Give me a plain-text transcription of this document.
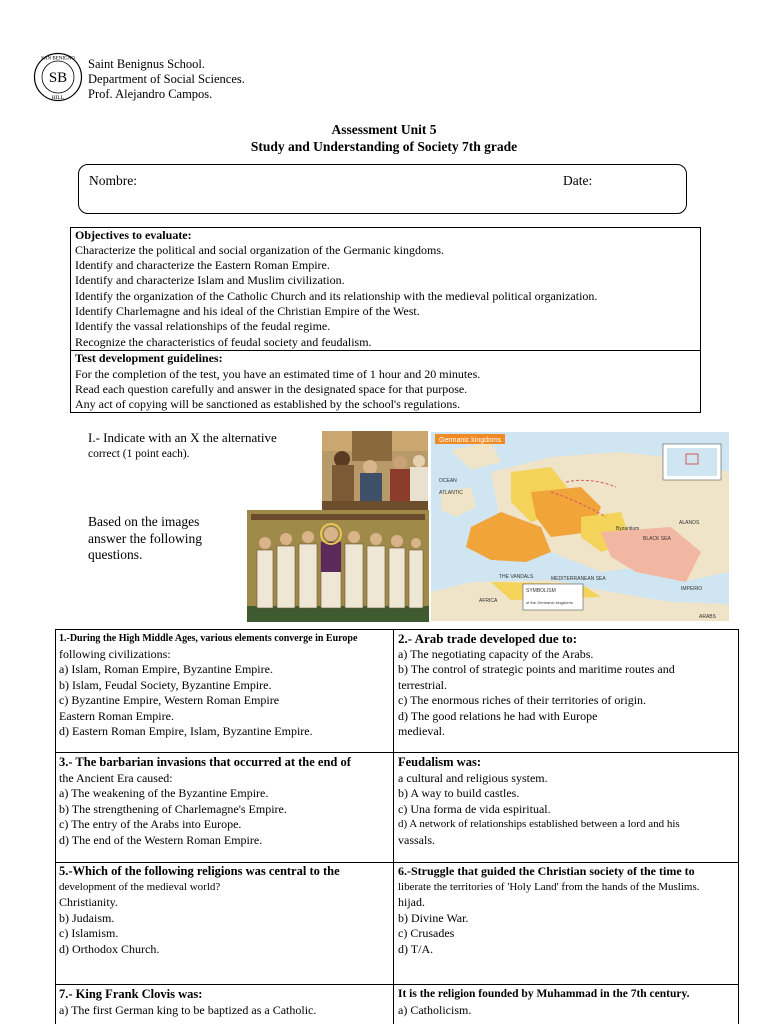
SAN BENIGNO
HILL
SB
Saint Benignus School.
Department of Social Sciences.
Prof. Alejandro Campos.
Assessment Unit 5
Study and Understanding of Society 7th grade
Nombre:	Date:
Objectives to evaluate:
Characterize the political and social organization of the Germanic kingdoms.
Identify and characterize the Eastern Roman Empire.
Identify and characterize Islam and Muslim civilization.
Identify the organization of the Catholic Church and its relationship with the medieval political organization.
Identify Charlemagne and his ideal of the Christian Empire of the West.
Identify the vassal relationships of the feudal regime.
Recognize the characteristics of feudal society and feudalism.
Test development guidelines:
For the completion of the test, you have an estimated time of 1 hour and 20 minutes.
Read each question carefully and answer in the designated space for that purpose.
Any act of copying will be sanctioned as established by the school's regulations.
I.- Indicate with an X the alternative
correct (1 point each).
Based on the images answer the following questions.
Germanic kingdoms
OCEAN
ATLANTIC
BLACK SEA
MEDITERRANEAN SEA
AFRICA
ARABS
THE VANDALS
SYMBOLISM
of the Germanic kingdoms
IMPERIO
ALANOS
Byzantium
1.-During the High Middle Ages, various elements converge in Europe
following civilizations:
a) Islam, Roman Empire, Byzantine Empire.
b) Islam, Feudal Society, Byzantine Empire.
c) Byzantine Empire, Western Roman Empire
Eastern Roman Empire.
d) Eastern Roman Empire, Islam, Byzantine Empire.
2.- Arab trade developed due to:
a) The negotiating capacity of the Arabs.
b) The control of strategic points and maritime routes and
terrestrial.
c) The enormous riches of their territories of origin.
d) The good relations he had with Europe
medieval.
3.- The barbarian invasions that occurred at the end of
the Ancient Era caused:
a) The weakening of the Byzantine Empire.
b) The strengthening of Charlemagne's Empire.
c) The entry of the Arabs into Europe.
d) The end of the Western Roman Empire.
Feudalism was:
a cultural and religious system.
b) A way to build castles.
c) Una forma de vida espiritual.
d) A network of relationships established between a lord and his
vassals.
5.-Which of the following religions was central to the
development of the medieval world?
Christianity.
b) Judaism.
c) Islamism.
d) Orthodox Church.
6.-Struggle that guided the Christian society of the time to
liberate the territories of 'Holy Land' from the hands of the Muslims.
hijad.
b) Divine War.
c) Crusades
d) T/A.
7.- King Frank Clovis was:
a) The first German king to be baptized as a Catholic.
It is the religion founded by Muhammad in the 7th century.
a) Catholicism.
